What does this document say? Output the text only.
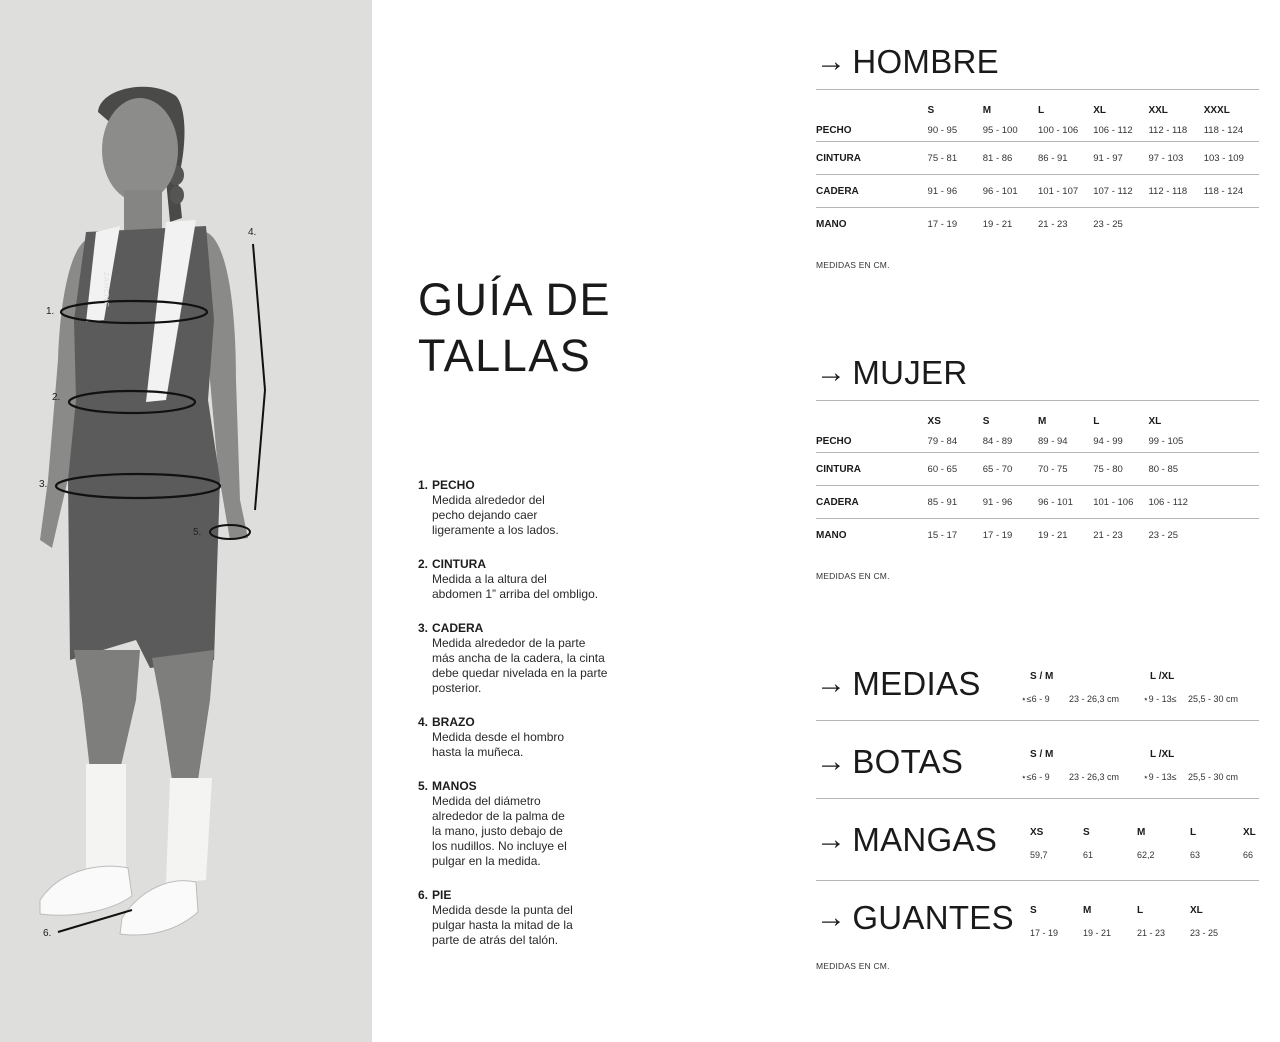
1.
2.
3.
4.
5.
6.
ZAHLTIG	GUÍA DE
TALLAS
1. PECHO
Medida alrededor del
pecho dejando caer
ligeramente a los lados.
2. CINTURA
Medida a la altura del
abdomen 1” arriba del ombligo.
3. CADERA
Medida alrededor de la parte
más ancha de la cadera, la cinta
debe quedar nivelada en la parte
posterior.
4. BRAZO
Medida desde el hombro
hasta la muñeca.
5. MANOS
Medida del diámetro
alrededor de la palma de
la mano, justo debajo de
los nudillos. No incluye el
pulgar en la medida.
6. PIE
Medida desde la punta del
pulgar hasta la mitad de la
parte de atrás del talón.
→ HOMBRE
	S	M	L	XL	XXL	XXXL
PECHO	90 - 95	95 - 100	100 - 106	106 - 112	112 - 118	118 - 124
CINTURA	75 - 81	81 - 86	86 - 91	91 - 97	97 - 103	103 - 109
CADERA	91 - 96	96 - 101	101 - 107	107 - 112	112 - 118	118 - 124
MANO	17 - 19	19 - 21	21 - 23	23 - 25		
MEDIDAS EN CM.
→ MUJER
	XS	S	M	L	XL	
PECHO	79 - 84	84 - 89	89 - 94	94 - 99	99 - 105	
CINTURA	60 - 65	65 - 70	70 - 75	75 - 80	80 - 85	
CADERA	85 - 91	91 - 96	96 - 101	101 - 106	106 - 112	
MANO	15 - 17	17 - 19	19 - 21	21 - 23	23 - 25	
MEDIDAS EN CM.
→ MEDIAS	S / M
⋆≤6 - 9 23 - 26,3 cm
L /XL
⋆9 - 13≤ 25,5 - 30 cm
→ BOTAS	S / M
⋆≤6 - 9 23 - 26,3 cm
L /XL
⋆9 - 13≤ 25,5 - 30 cm
→ MANGAS	XS	S	M	L	XL
59,7	61	62,2	63	66
→ GUANTES S	M	L	XL
17 - 19	19 - 21	21 - 23	23 - 25
MEDIDAS EN CM.
